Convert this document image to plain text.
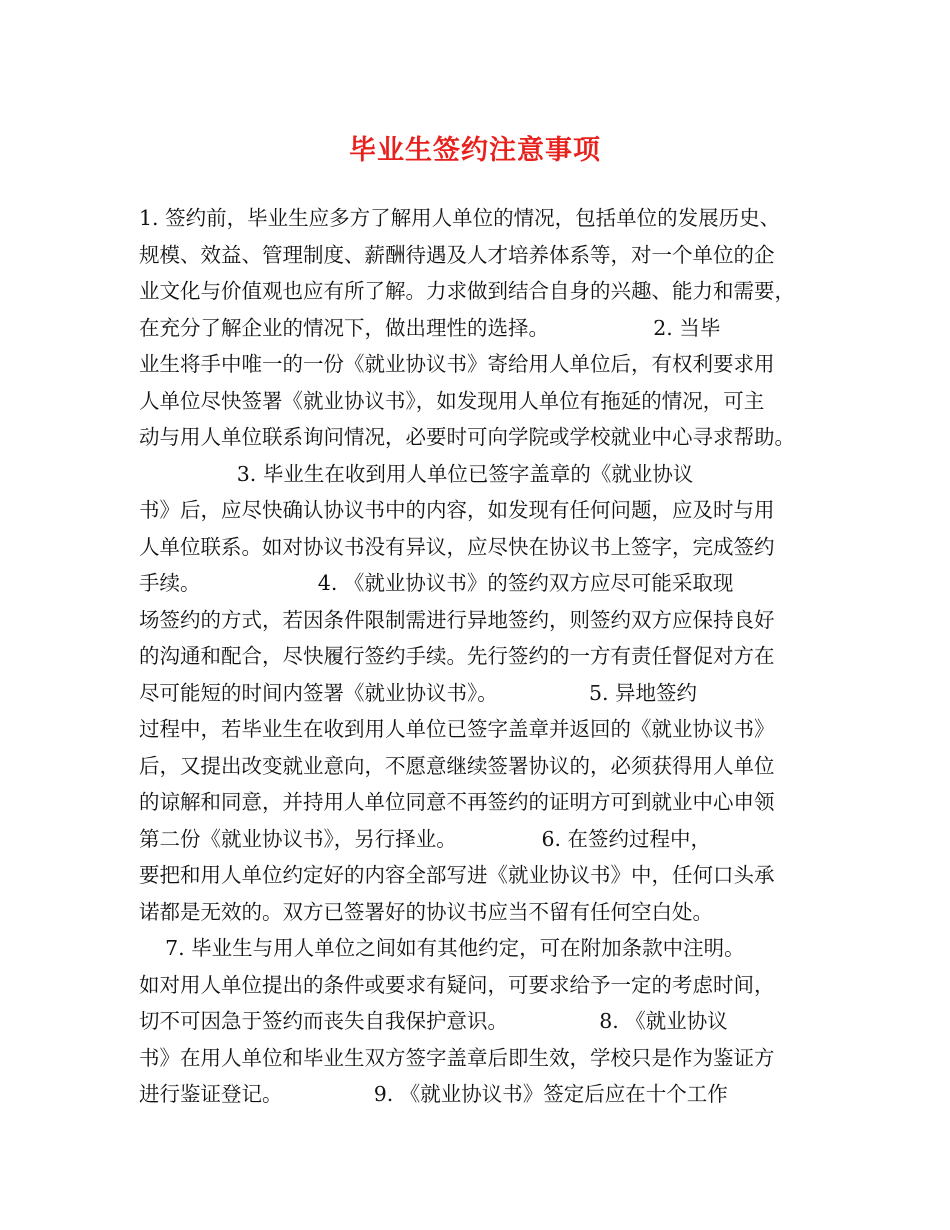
毕业生签约注意事项
1. 签约前，毕业生应多方了解用人单位的情况，包括单位的发展历史、
规模、效益、管理制度、薪酬待遇及人才培养体系等，对一个单位的企
业文化与价值观也应有所了解。力求做到结合自身的兴趣、能力和需要，
在充分了解企业的情况下，做出理性的选择。                2. 当毕
业生将手中唯一的一份《就业协议书》寄给用人单位后，有权利要求用
人单位尽快签署《就业协议书》，如发现用人单位有拖延的情况，可主
动与用人单位联系询问情况，必要时可向学院或学校就业中心寻求帮助。
3. 毕业生在收到用人单位已签字盖章的《就业协议
书》后，应尽快确认协议书中的内容，如发现有任何问题，应及时与用
人单位联系。如对协议书没有异议，应尽快在协议书上签字，完成签约
手续。                  4. 《就业协议书》的签约双方应尽可能采取现
场签约的方式，若因条件限制需进行异地签约，则签约双方应保持良好
的沟通和配合，尽快履行签约手续。先行签约的一方有责任督促对方在
尽可能短的时间内签署《就业协议书》。              5. 异地签约
过程中，若毕业生在收到用人单位已签字盖章并返回的《就业协议书》
后，又提出改变就业意向，不愿意继续签署协议的，必须获得用人单位
的谅解和同意，并持用人单位同意不再签约的证明方可到就业中心申领
第二份《就业协议书》，另行择业。             6. 在签约过程中，
要把和用人单位约定好的内容全部写进《就业协议书》中，任何口头承
诺都是无效的。双方已签署好的协议书应当不留有任何空白处。
7. 毕业生与用人单位之间如有其他约定，可在附加条款中注明。
如对用人单位提出的条件或要求有疑问，可要求给予一定的考虑时间，
切不可因急于签约而丧失自我保护意识。              8. 《就业协议
书》在用人单位和毕业生双方签字盖章后即生效，学校只是作为鉴证方
进行鉴证登记。              9. 《就业协议书》签定后应在十个工作
